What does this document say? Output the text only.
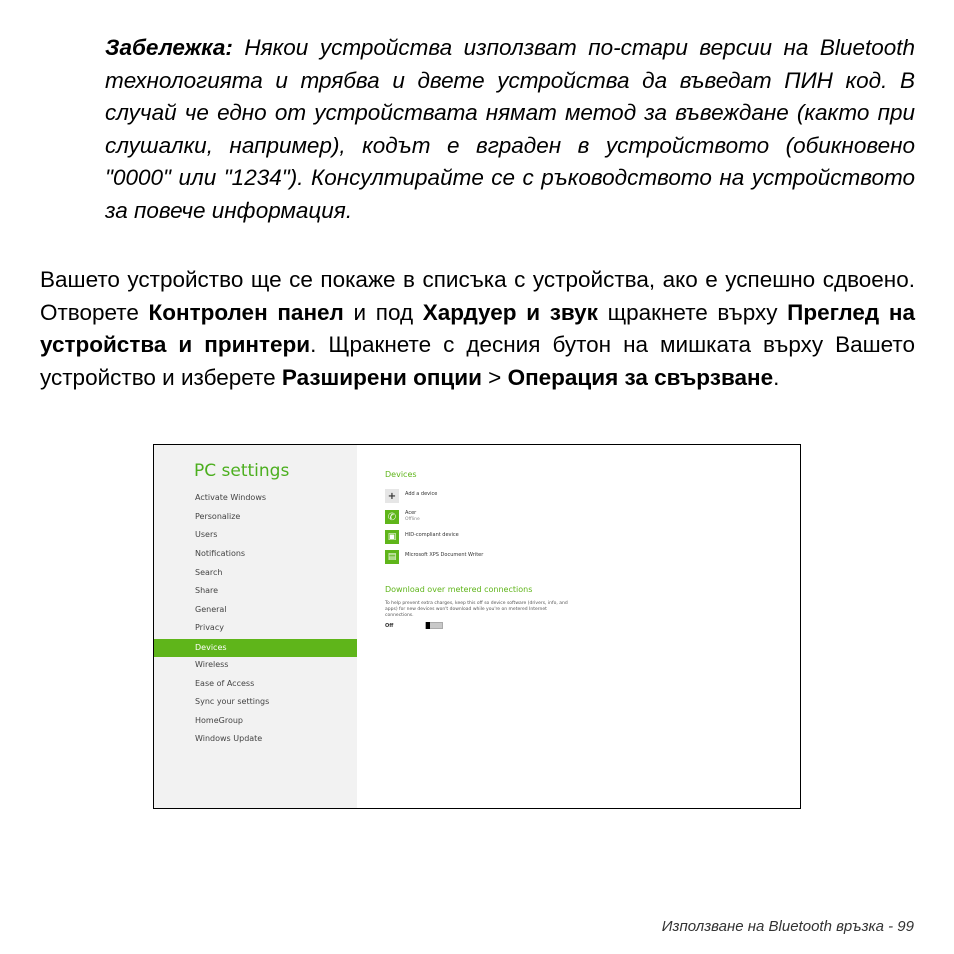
Забележка: Някои устройства използват по-стари версии на Bluetooth технологията и трябва и двете устройства да въведат ПИН код. В случай че едно от устройствата нямат метод за въвеждане (както при слушалки, например), кодът е вграден в устройството (обикновено "0000" или "1234"). Консултирайте се с ръководството на устройството за повече информация.
Вашето устройство ще се покаже в списъка с устройства, ако е успешно сдвоено. Отворете Контролен панел и под Хардуер и звук щракнете върху Преглед на устройства и принтери. Щракнете с десния бутон на мишката върху Вашето устройство и изберете Разширени опции > Операция за свързване.
PC settings
Activate Windows
Personalize
Users
Notifications
Search
Share
General
Privacy
Devices
Wireless
Ease of Access
Sync your settings
HomeGroup
Windows Update
Devices
+	Add a device
✆	Acer
Offline
▣	HID-compliant device
▤	Microsoft XPS Document Writer
Download over metered connections
To help prevent extra charges, keep this off so device software (drivers, info, and apps) for new devices won't download while you're on metered Internet connections.
Off
Използване на Bluetooth връзка - 99
